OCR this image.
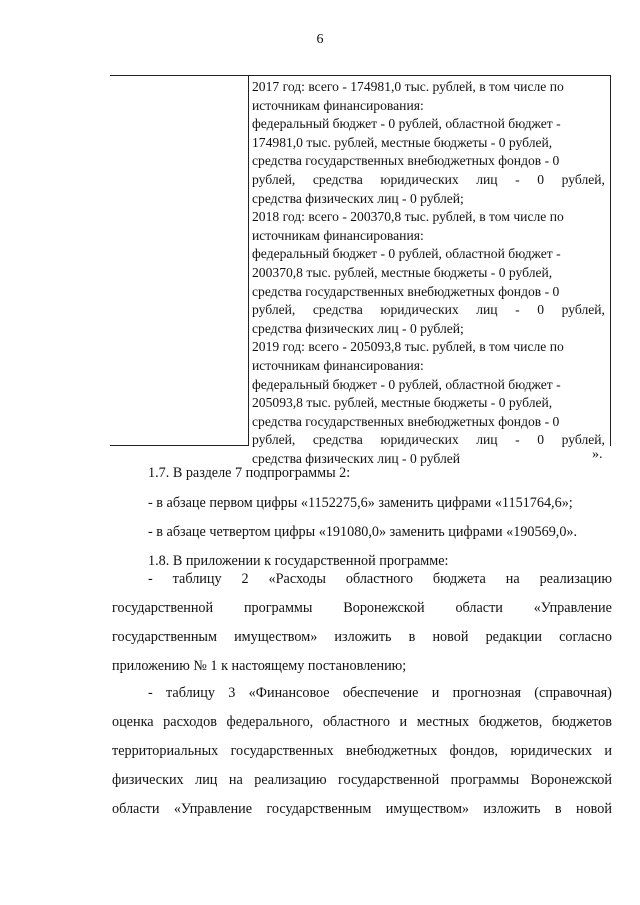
6
2017 год: всего - 174981,0 тыс. рублей, в том числе по
источникам финансирования:
федеральный бюджет - 0 рублей, областной бюджет -
174981,0 тыс. рублей, местные бюджеты - 0 рублей,
средства государственных внебюджетных фондов - 0
рублей, средства юридических лиц - 0 рублей,
средства физических лиц - 0 рублей;
2018 год: всего - 200370,8 тыс. рублей, в том числе по
источникам финансирования:
федеральный бюджет - 0 рублей, областной бюджет -
200370,8 тыс. рублей, местные бюджеты - 0 рублей,
средства государственных внебюджетных фондов - 0
рублей, средства юридических лиц - 0 рублей,
средства физических лиц - 0 рублей;
2019 год: всего - 205093,8 тыс. рублей, в том числе по
источникам финансирования:
федеральный бюджет - 0 рублей, областной бюджет -
205093,8 тыс. рублей, местные бюджеты - 0 рублей,
средства государственных внебюджетных фондов - 0
рублей, средства юридических лиц - 0 рублей,
средства физических лиц - 0 рублей	».
1.7. В разделе 7 подпрограммы 2:
- в абзаце первом цифры «1152275,6» заменить цифрами «1151764,6»;
- в абзаце четвертом цифры «191080,0» заменить цифрами «190569,0».
1.8. В приложении к государственной программе:
- таблицу 2 «Расходы областного бюджета на реализацию
государственной программы Воронежской области «Управление
государственным имуществом» изложить в новой редакции согласно
приложению № 1 к настоящему постановлению;
- таблицу 3 «Финансовое обеспечение и прогнозная (справочная)
оценка расходов федерального, областного и местных бюджетов, бюджетов
территориальных государственных внебюджетных фондов, юридических и
физических лиц на реализацию государственной программы Воронежской
области «Управление государственным имуществом» изложить в новой
